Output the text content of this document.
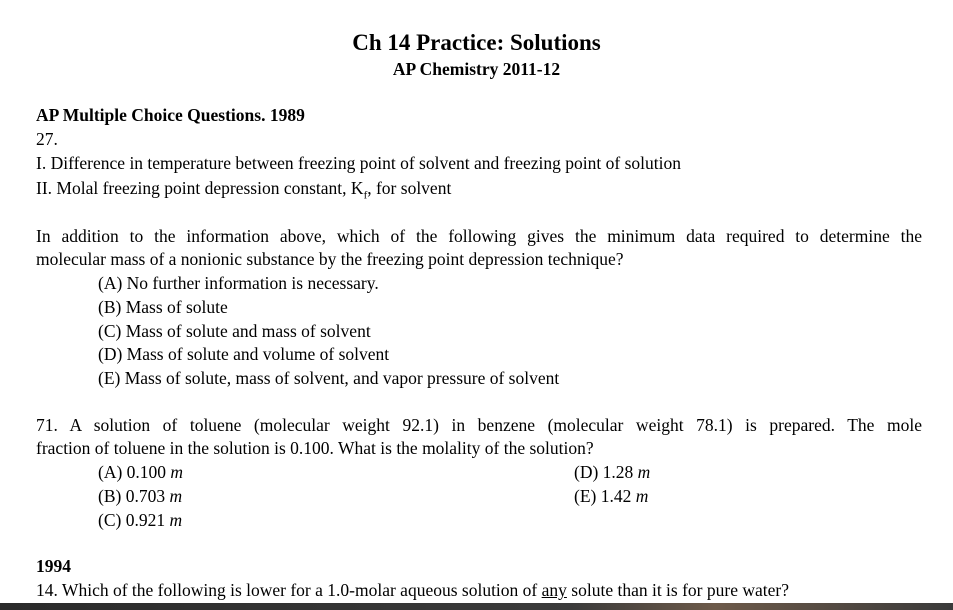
Ch 14 Practice: Solutions
AP Chemistry 2011-12
AP Multiple Choice Questions. 1989
27.
I. Difference in temperature between freezing point of solvent and freezing point of solution
II. Molal freezing point depression constant, $K_f$, for solvent
In addition to the information above, which of the following gives the minimum data required to determine the
molecular mass of a nonionic substance by the freezing point depression technique?
(A) No further information is necessary.
(B) Mass of solute
(C) Mass of solute and mass of solvent
(D) Mass of solute and volume of solvent
(E) Mass of solute, mass of solvent, and vapor pressure of solvent
71. A solution of toluene (molecular weight 92.1) in benzene (molecular weight 78.1) is prepared. The mole
fraction of toluene in the solution is 0.100. What is the molality of the solution?
(A) 0.100 m
(B) 0.703 m
(C) 0.921 m
(D) 1.28 m
(E) 1.42 m
1994
14. Which of the following is lower for a 1.0-molar aqueous solution of any solute than it is for pure water?
